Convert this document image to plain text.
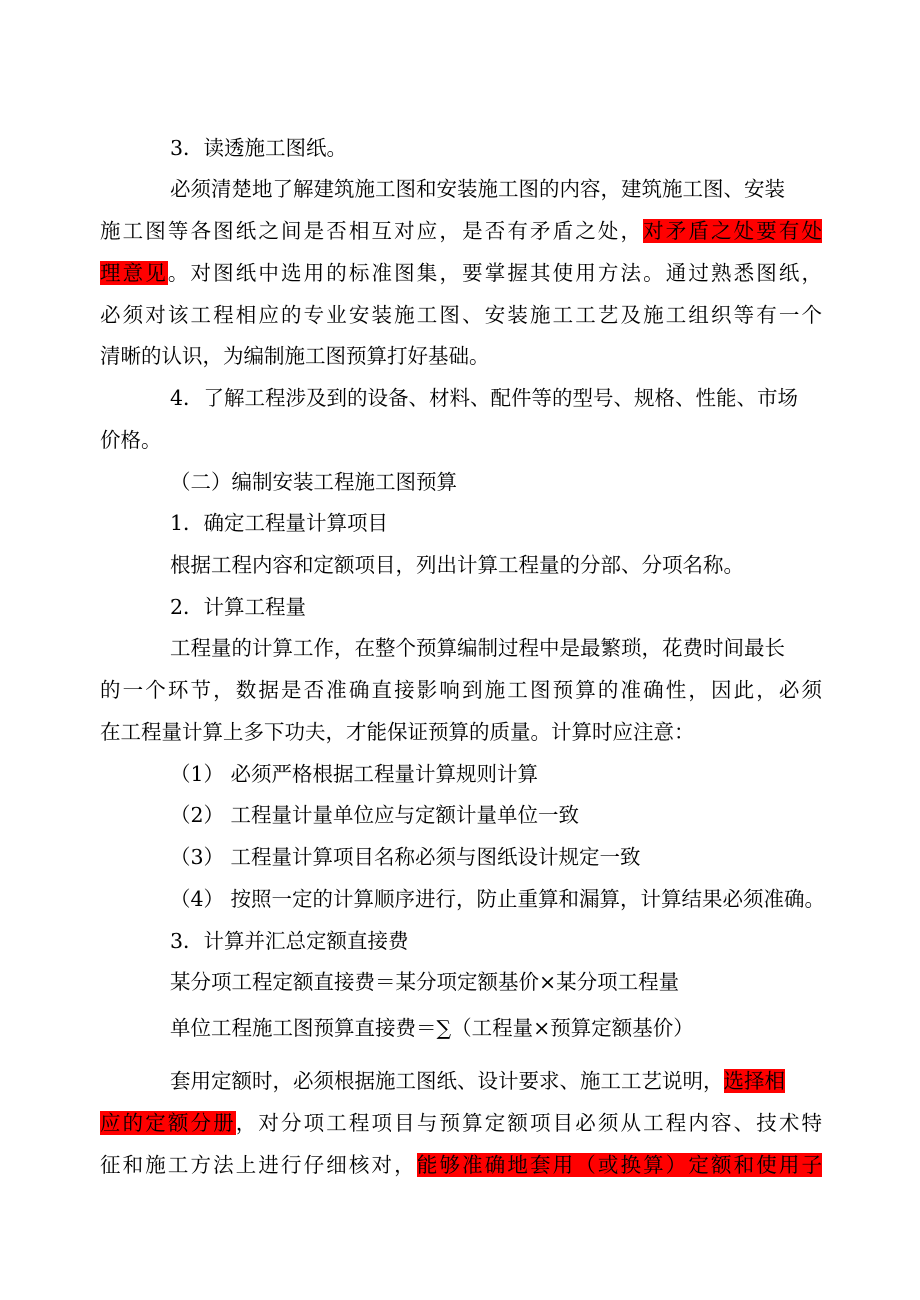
3．读透施工图纸。
必须清楚地了解建筑施工图和安装施工图的内容，建筑施工图、安装
施工图等各图纸之间是否相互对应，是否有矛盾之处，对矛盾之处要有处
理意见。对图纸中选用的标准图集，要掌握其使用方法。通过熟悉图纸，
必须对该工程相应的专业安装施工图、安装施工工艺及施工组织等有一个
清晰的认识，为编制施工图预算打好基础。
4．了解工程涉及到的设备、材料、配件等的型号、规格、性能、市场
价格。
（二）编制安装工程施工图预算
1．确定工程量计算项目
根据工程内容和定额项目，列出计算工程量的分部、分项名称。
2．计算工程量
工程量的计算工作，在整个预算编制过程中是最繁琐，花费时间最长
的一个环节，数据是否准确直接影响到施工图预算的准确性，因此，必须
在工程量计算上多下功夫，才能保证预算的质量。计算时应注意：
（1） 必须严格根据工程量计算规则计算
（2） 工程量计量单位应与定额计量单位一致
（3） 工程量计算项目名称必须与图纸设计规定一致
（4） 按照一定的计算顺序进行，防止重算和漏算，计算结果必须准确。
3．计算并汇总定额直接费
某分项工程定额直接费＝某分项定额基价×某分项工程量
单位工程施工图预算直接费＝∑（工程量×预算定额基价）
套用定额时，必须根据施工图纸、设计要求、施工工艺说明，选择相
应的定额分册，对分项工程项目与预算定额项目必须从工程内容、技术特
征和施工方法上进行仔细核对，能够准确地套用（或换算）定额和使用子
